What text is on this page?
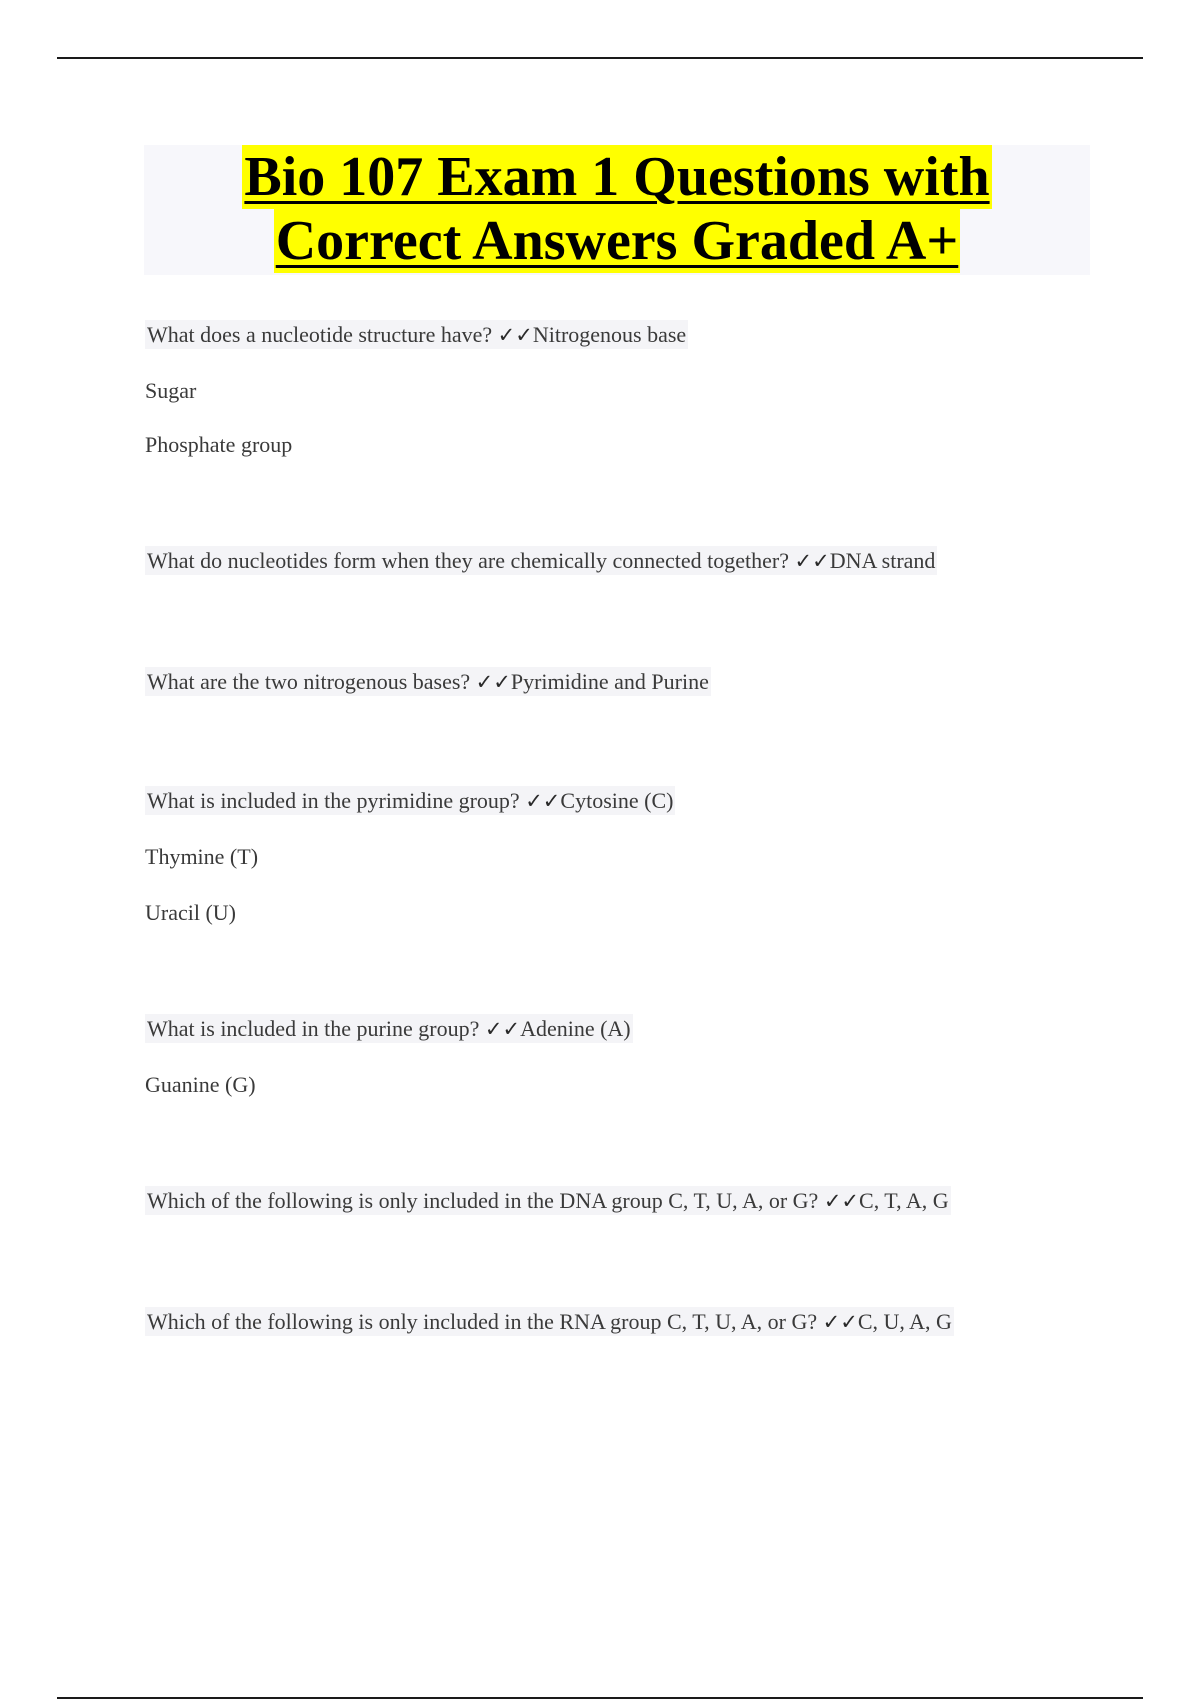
Bio 107 Exam 1 Questions with
Correct Answers Graded A+

What does a nucleotide structure have? ✓✓Nitrogenous base

Sugar

Phosphate group

What do nucleotides form when they are chemically connected together? ✓✓DNA strand

What are the two nitrogenous bases? ✓✓Pyrimidine and Purine

What is included in the pyrimidine group? ✓✓Cytosine (C)

Thymine (T)

Uracil (U)

What is included in the purine group? ✓✓Adenine (A)

Guanine (G)

Which of the following is only included in the DNA group C, T, U, A, or G? ✓✓C, T, A, G

Which of the following is only included in the RNA group C, T, U, A, or G? ✓✓C, U, A, G
